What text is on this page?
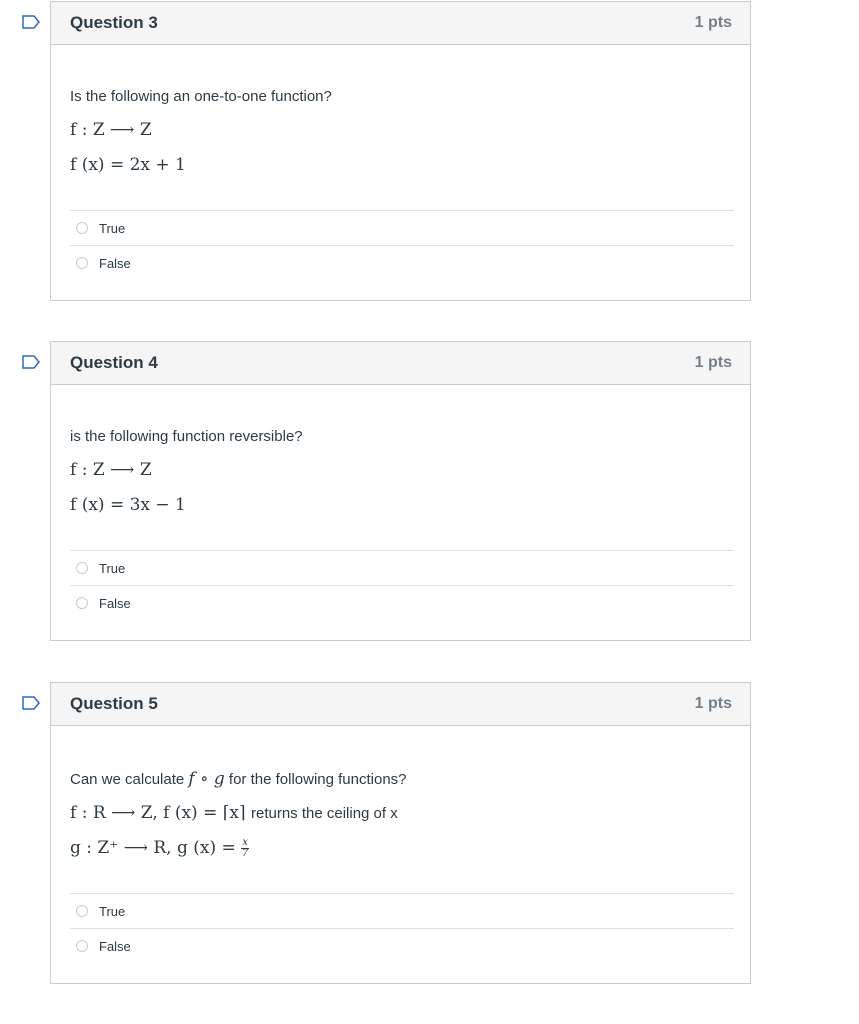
Question 3	1 pts
Is the following an one-to-one function?
f : Z ⟶ Z
f (x) = 2x + 1
True
False
Question 4	1 pts
is the following function reversible?
f : Z ⟶ Z
f (x) = 3x − 1
True
False
Question 5	1 pts
Can we calculate f ∘ g for the following functions?
f : R ⟶ Z, f (x) = ⌈x⌉ returns the ceiling of x
g : Z⁺ ⟶ R, g $(x) = \frac{x}{7}$
True
False
